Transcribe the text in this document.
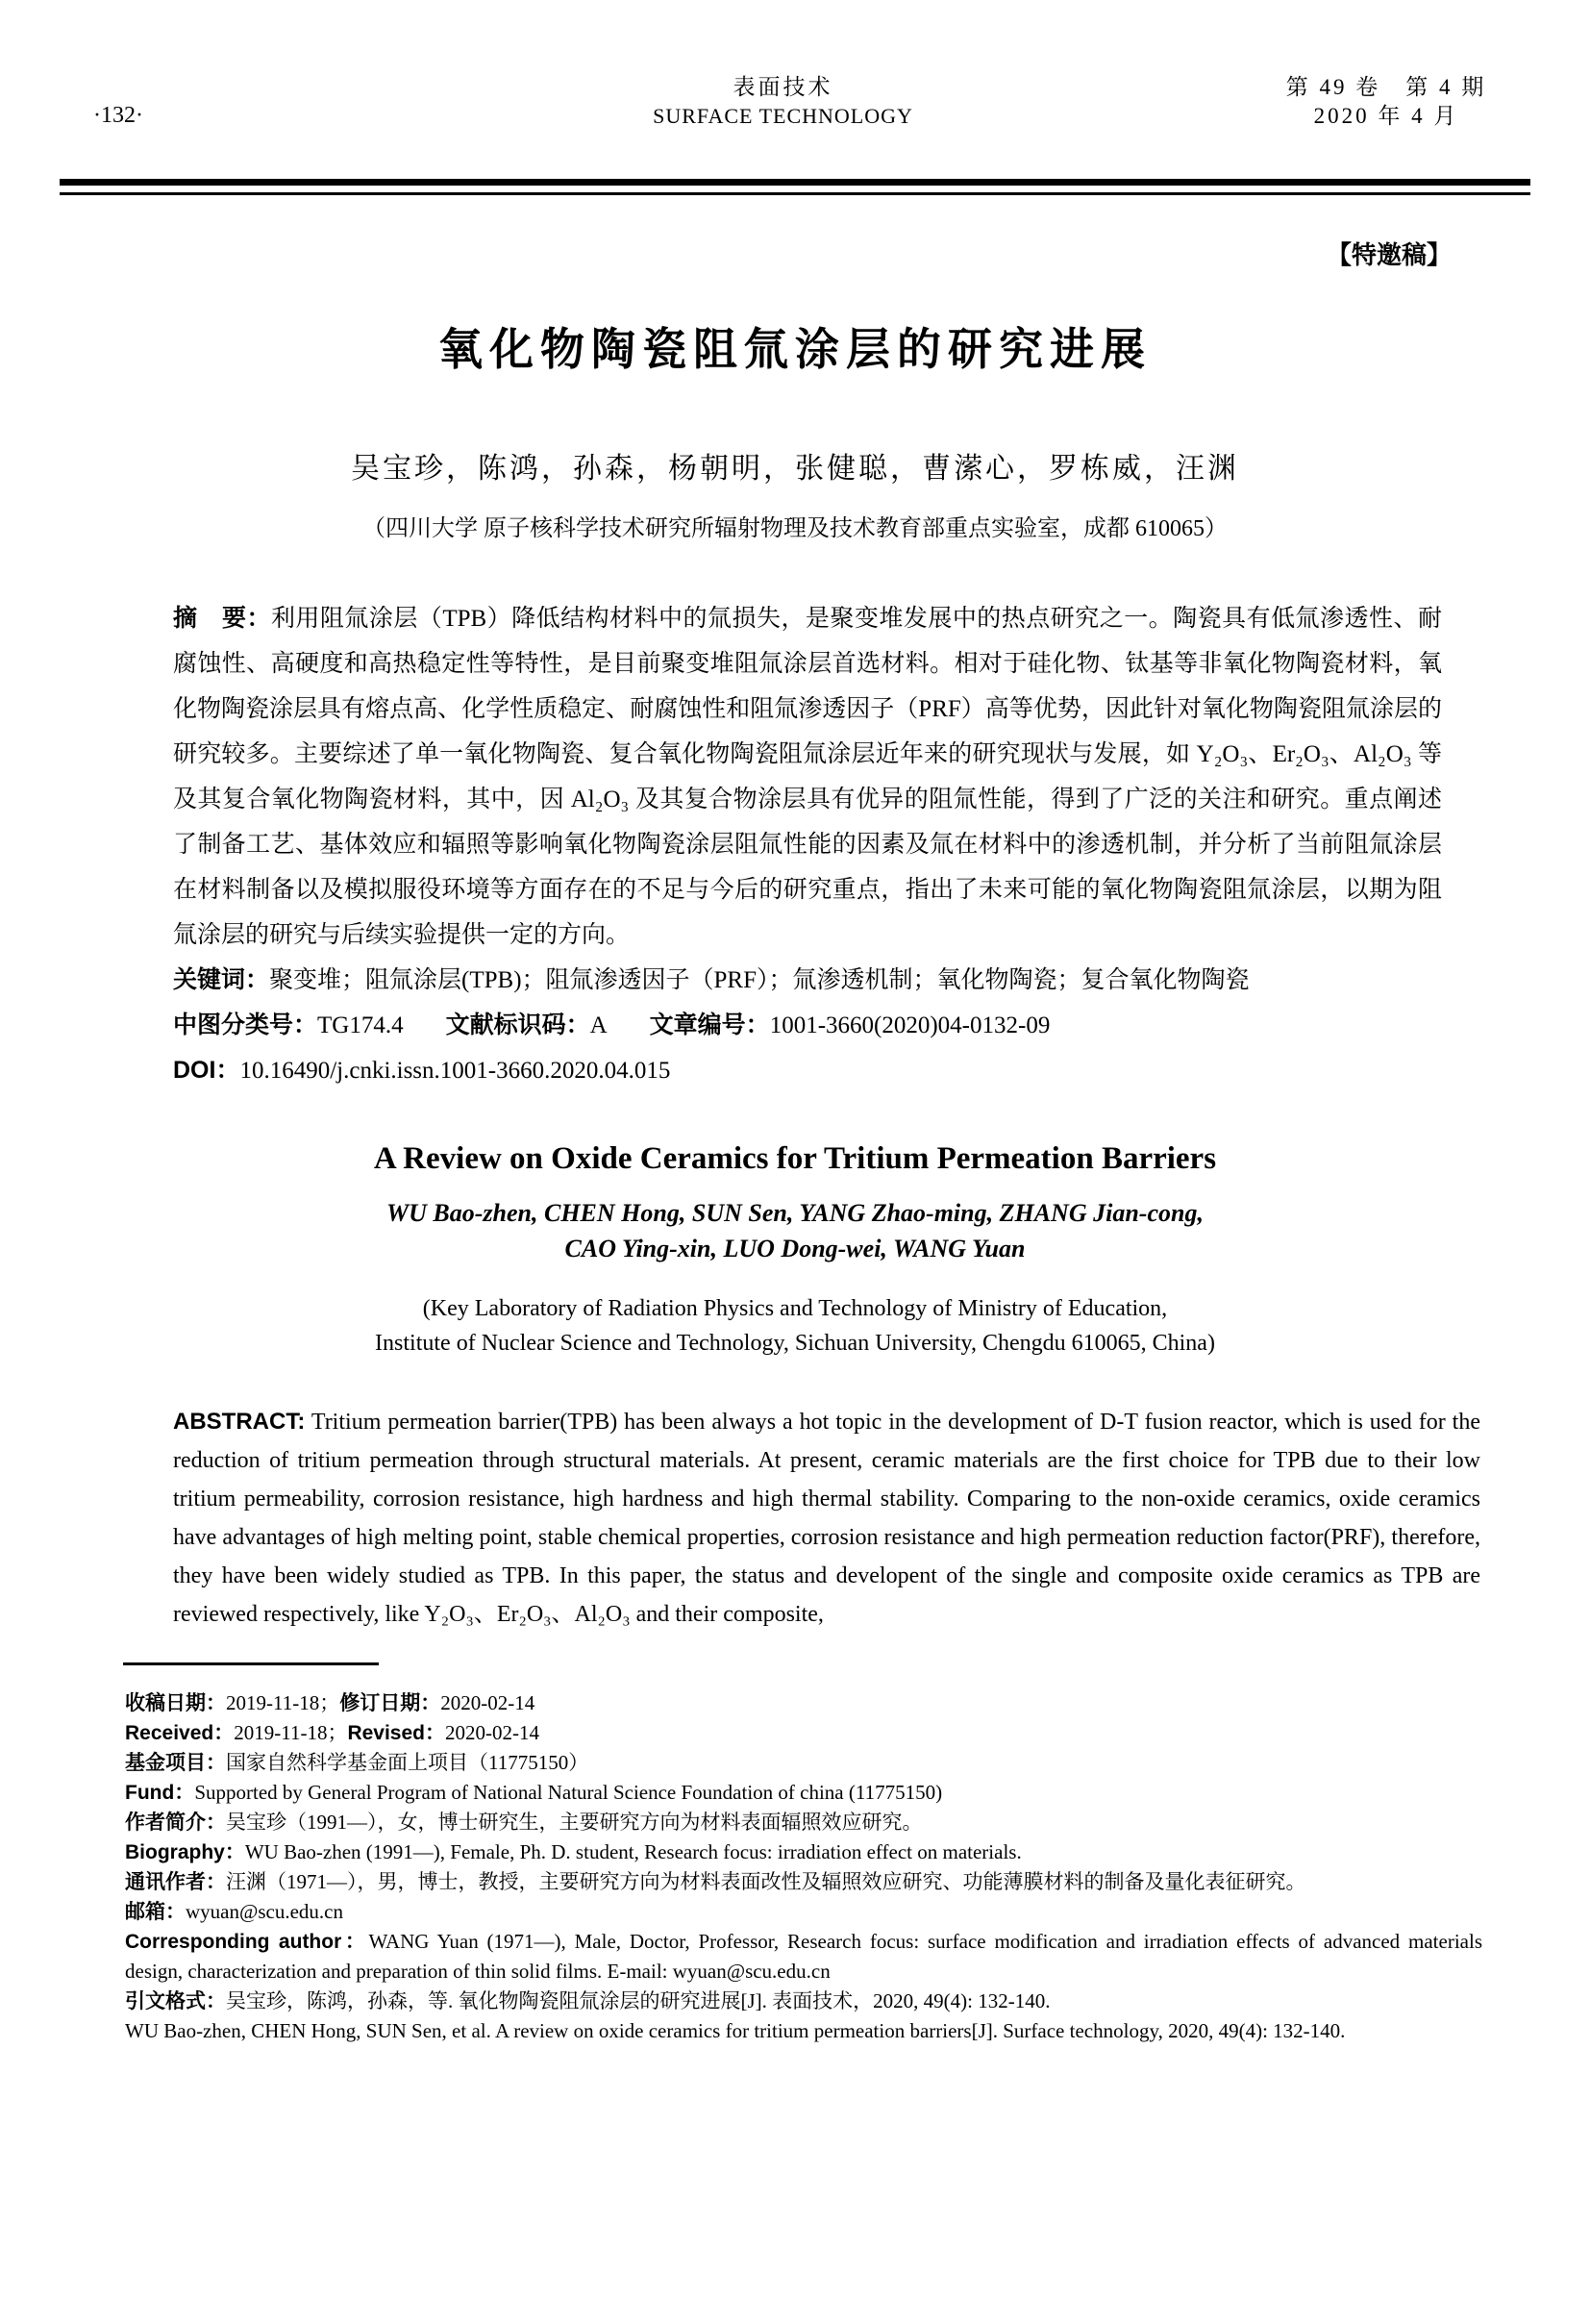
·132·
表面技术
SURFACE TECHNOLOGY
第 49 卷　第 4 期
2020 年 4 月
【特邀稿】
氧化物陶瓷阻氚涂层的研究进展
吴宝珍，陈鸿，孙森，杨朝明，张健聪，曹潆心，罗栋威，汪渊
（四川大学 原子核科学技术研究所辐射物理及技术教育部重点实验室，成都 610065）

摘　要：利用阻氚涂层（TPB）降低结构材料中的氚损失，是聚变堆发展中的热点研究之一。陶瓷具有低氚渗透性、耐腐蚀性、高硬度和高热稳定性等特性，是目前聚变堆阻氚涂层首选材料。相对于硅化物、钛基等非氧化物陶瓷材料，氧化物陶瓷涂层具有熔点高、化学性质稳定、耐腐蚀性和阻氚渗透因子（PRF）高等优势，因此针对氧化物陶瓷阻氚涂层的研究较多。主要综述了单一氧化物陶瓷、复合氧化物陶瓷阻氚涂层近年来的研究现状与发展，如 Y₂O₃、Er₂O₃、Al₂O₃ 等及其复合氧化物陶瓷材料，其中，因 Al₂O₃ 及其复合物涂层具有优异的阻氚性能，得到了广泛的关注和研究。重点阐述了制备工艺、基体效应和辐照等影响氧化物陶瓷涂层阻氚性能的因素及氚在材料中的渗透机制，并分析了当前阻氚涂层在材料制备以及模拟服役环境等方面存在的不足与今后的研究重点，指出了未来可能的氧化物陶瓷阻氚涂层，以期为阻氚涂层的研究与后续实验提供一定的方向。

关键词：聚变堆；阻氚涂层(TPB)；阻氚渗透因子（PRF）；氚渗透机制；氧化物陶瓷；复合氧化物陶瓷

中图分类号：TG174.4 文献标识码：A 文章编号：1001-3660(2020)04-0132-09

DOI：10.16490/j.cnki.issn.1001-3660.2020.04.015

A Review on Oxide Ceramics for Tritium Permeation Barriers
WU Bao-zhen, CHEN Hong, SUN Sen, YANG Zhao-ming, ZHANG Jian-cong,
CAO Ying-xin, LUO Dong-wei, WANG Yuan
(Key Laboratory of Radiation Physics and Technology of Ministry of Education,
Institute of Nuclear Science and Technology, Sichuan University, Chengdu 610065, China)

ABSTRACT: Tritium permeation barrier(TPB) has been always a hot topic in the development of D-T fusion reactor, which is used for the reduction of tritium permeation through structural materials. At present, ceramic materials are the first choice for TPB due to their low tritium permeability, corrosion resistance, high hardness and high thermal stability. Comparing to the non-oxide ceramics, oxide ceramics have advantages of high melting point, stable chemical properties, corrosion resistance and high permeation reduction factor(PRF), therefore, they have been widely studied as TPB. In this paper, the status and developent of the single and composite oxide ceramics as TPB are reviewed respectively, like Y₂O₃、Er₂O₃、Al₂O₃ and their composite,

收稿日期：2019-11-18；修订日期：2020-02-14

Received：2019-11-18；Revised：2020-02-14

基金项目：国家自然科学基金面上项目（11775150）

Fund：Supported by General Program of National Natural Science Foundation of china (11775150)

作者简介：吴宝珍（1991—），女，博士研究生，主要研究方向为材料表面辐照效应研究。

Biography：WU Bao-zhen (1991—), Female, Ph. D. student, Research focus: irradiation effect on materials.

通讯作者：汪渊（1971—），男，博士，教授，主要研究方向为材料表面改性及辐照效应研究、功能薄膜材料的制备及量化表征研究。

邮箱：wyuan@scu.edu.cn

Corresponding author：WANG Yuan (1971—), Male, Doctor, Professor, Research focus: surface modification and irradiation effects of advanced materials design, characterization and preparation of thin solid films. E-mail: wyuan@scu.edu.cn

引文格式：吴宝珍，陈鸿，孙森，等. 氧化物陶瓷阻氚涂层的研究进展[J]. 表面技术，2020, 49(4): 132-140.

WU Bao-zhen, CHEN Hong, SUN Sen, et al. A review on oxide ceramics for tritium permeation barriers[J]. Surface technology, 2020, 49(4): 132-140.
